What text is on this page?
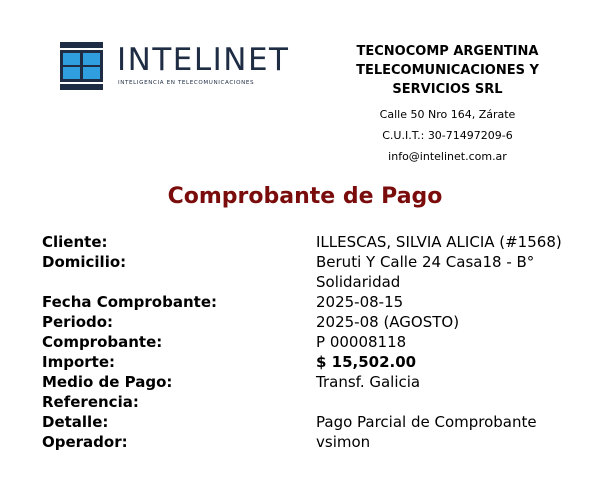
INTELINET
INTELIGENCIA EN TELECOMUNICACIONES
TECNOCOMP ARGENTINA TELECOMUNICACIONES Y SERVICIOS SRL
Calle 50 Nro 164, Zárate
C.U.I.T.: 30-71497209-6
info@intelinet.com.ar
Comprobante de Pago
Cliente:	ILLESCAS, SILVIA ALICIA (#1568)
Domicilio:	Beruti Y Calle 24 Casa18 - B° Solidaridad
Fecha Comprobante:	2025-08-15
Periodo:	2025-08 (AGOSTO)
Comprobante:	P 00008118
Importe:	$ 15,502.00
Medio de Pago:	Transf. Galicia
Referencia:
Detalle:	Pago Parcial de Comprobante
Operador:	vsimon
